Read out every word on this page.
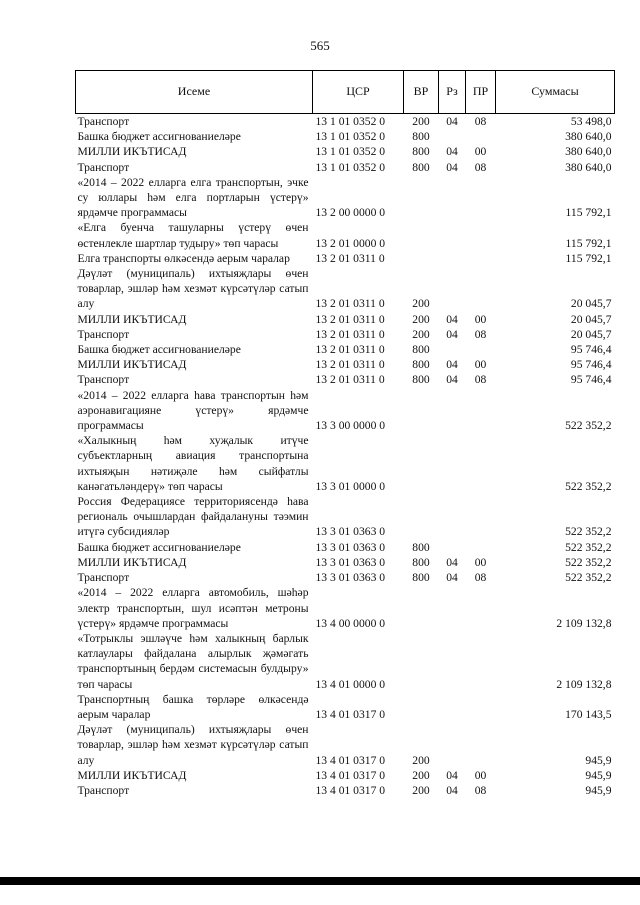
565
Исеме	ЦСР	ВР	Рз	ПР	Суммасы
Транспорт	13 1 01 0352 0	200	04	08	53 498,0
Башка бюджет ассигнованиеләре	13 1 01 0352 0	800			380 640,0
МИЛЛИ ИКЪТИСАД	13 1 01 0352 0	800	04	00	380 640,0
Транспорт	13 1 01 0352 0	800	04	08	380 640,0
«2014 – 2022 елларга елга транспортын, эчке су юллары һәм елга портларын үстерү» ярдәмче программасы	13 2 00 0000 0				115 792,1
«Елга буенча ташуларны үстерү өчен өстенлекле шартлар тудыру» төп чарасы	13 2 01 0000 0				115 792,1
Елга транспорты өлкәсендә аерым чаралар	13 2 01 0311 0				115 792,1
Дәүләт (муниципаль) ихтыяҗлары өчен товарлар, эшләр һәм хезмәт күрсәтүләр сатып алу	13 2 01 0311 0	200			20 045,7
МИЛЛИ ИКЪТИСАД	13 2 01 0311 0	200	04	00	20 045,7
Транспорт	13 2 01 0311 0	200	04	08	20 045,7
Башка бюджет ассигнованиеләре	13 2 01 0311 0	800			95 746,4
МИЛЛИ ИКЪТИСАД	13 2 01 0311 0	800	04	00	95 746,4
Транспорт	13 2 01 0311 0	800	04	08	95 746,4
«2014 – 2022 елларга һава транспортын һәм аэронавигацияне үстерү» ярдәмче программасы	13 3 00 0000 0				522 352,2
«Халыкның һәм хуҗалык итүче субъектларның авиация транспортына ихтыяҗын нәтиҗәле һәм сыйфатлы канәгатьләндерү» төп чарасы	13 3 01 0000 0				522 352,2
Россия Федерациясе территориясендә һава региональ очышлардан файдалануны тәэмин итүгә субсидияләр	13 3 01 0363 0				522 352,2
Башка бюджет ассигнованиеләре	13 3 01 0363 0	800			522 352,2
МИЛЛИ ИКЪТИСАД	13 3 01 0363 0	800	04	00	522 352,2
Транспорт	13 3 01 0363 0	800	04	08	522 352,2
«2014 – 2022 елларга автомобиль, шәһәр электр транспортын, шул исәптән метроны үстерү» ярдәмче программасы	13 4 00 0000 0				2 109 132,8
«Тотрыклы эшләүче һәм халыкның барлык катлаулары файдалана алырлык җәмәгать транспортының бердәм системасын булдыру» төп чарасы	13 4 01 0000 0				2 109 132,8
Транспортның башка төрләре өлкәсендә аерым чаралар	13 4 01 0317 0				170 143,5
Дәүләт (муниципаль) ихтыяҗлары өчен товарлар, эшләр һәм хезмәт күрсәтүләр сатып алу	13 4 01 0317 0	200			945,9
МИЛЛИ ИКЪТИСАД	13 4 01 0317 0	200	04	00	945,9
Транспорт	13 4 01 0317 0	200	04	08	945,9
